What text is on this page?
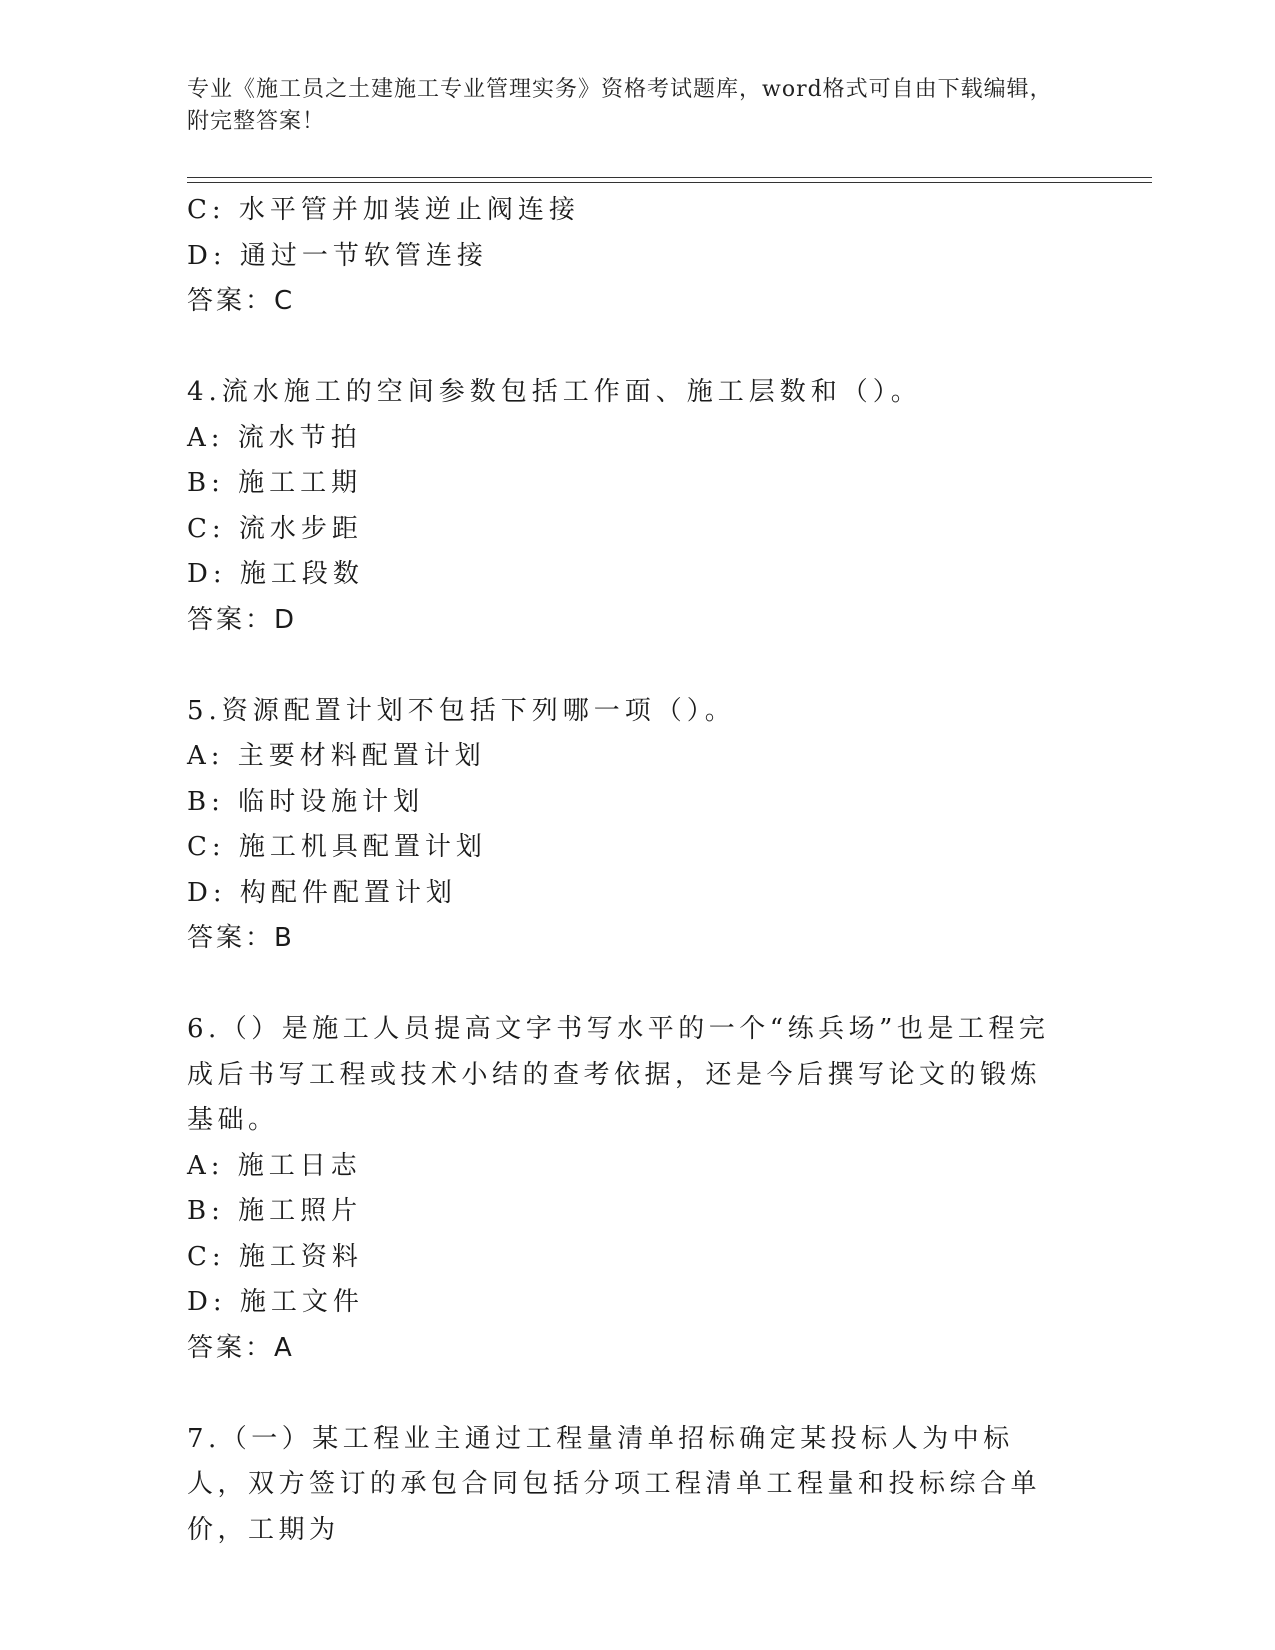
专业《施工员之土建施工专业管理实务》资格考试题库，word格式可自由下载编辑，附完整答案！
C: 水平管并加装逆止阀连接
D: 通过一节软管连接
答案：C
4.流水施工的空间参数包括工作面、施工层数和（）。
A: 流水节拍
B: 施工工期
C: 流水步距
D: 施工段数
答案：D
5.资源配置计划不包括下列哪一项（）。
A: 主要材料配置计划
B: 临时设施计划
C: 施工机具配置计划
D: 构配件配置计划
答案：B
6.（）是施工人员提高文字书写水平的一个“练兵场”也是工程完成后书写工程或技术小结的查考依据，还是今后撰写论文的锻炼基础。
A: 施工日志
B: 施工照片
C: 施工资料
D: 施工文件
答案：A
7.（一）某工程业主通过工程量清单招标确定某投标人为中标人，双方签订的承包合同包括分项工程清单工程量和投标综合单价，工期为
